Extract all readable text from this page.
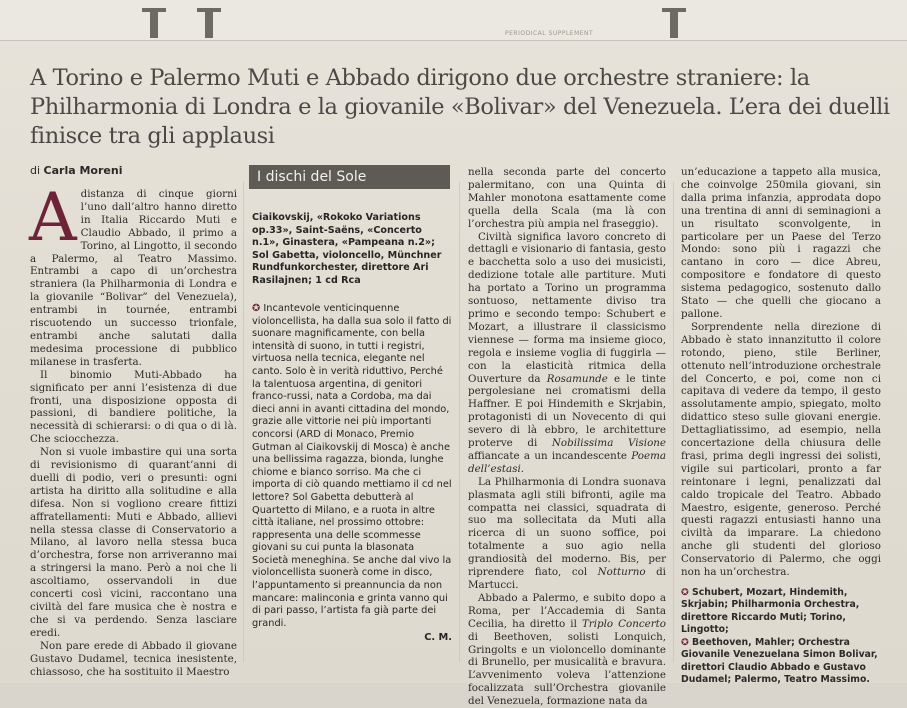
PERIODICAL SUPPLEMENT
A Torino e Palermo Muti e Abbado dirigono due orchestre straniere: la Philharmonia di Londra e la giovanile «Bolivar» del Venezuela. L’era dei duelli finisce tra gli applausi
di Carla Moreni

Adistanza di cinque giorni l’uno dall’altro hanno diretto in Italia Riccardo Muti e Claudio Abbado, il primo a Torino, al Lingotto, il secondo a Palermo, al Teatro Massimo. Entrambi a capo di un’orchestra straniera (la Philharmonia di Londra e la giovanile “Bolivar” del Venezuela), entrambi in tournée, entrambi riscuotendo un successo trionfale, entrambi anche salutati dalla medesima processione di pubblico milanese in trasferta.

Il binomio Muti-Abbado ha significato per anni l’esistenza di due fronti, una disposizione opposta di passioni, di bandiere politiche, la necessità di schierarsi: o di qua o di là. Che sciocchezza.

Non si vuole imbastire qui una sorta di revisionismo di quarant’anni di duelli di podio, veri o presunti: ogni artista ha diritto alla solitudine e alla difesa. Non si vogliono creare fittizi affratellamenti: Muti e Abbado, allievi nella stessa classe di Conservatorio a Milano, al lavoro nella stessa buca d’orchestra, forse non arriveranno mai a stringersi la mano. Però a noi che li ascoltiamo, osservandoli in due concerti così vicini, raccontano una civiltà del fare musica che è nostra e che si va perdendo. Senza lasciare eredi.

Non pare erede di Abbado il giovane Gustavo Dudamel, tecnica inesistente, chiassoso, che ha sostituito il Maestro

I dischi del Sole
Ciaikovskij, «Rokoko Variations op.33», Saint-Saëns, «Concerto n.1», Ginastera, «Pampeana n.2»; Sol Gabetta, violoncello, Münchner Rundfunkorchester, direttore Ari Rasilajnen; 1 cd Rca
✪ Incantevole venticinquenne violoncellista, ha dalla sua solo il fatto di suonare magnificamente, con bella intensità di suono, in tutti i registri, virtuosa nella tecnica, elegante nel canto. Solo è in verità riduttivo, Perché la talentuosa argentina, di genitori franco-russi, nata a Cordoba, ma dai dieci anni in avanti cittadina del mondo, grazie alle vittorie nei più importanti concorsi (ARD di Monaco, Premio Gutman al Ciaikovskij di Mosca) è anche una bellissima ragazza, bionda, lunghe chiome e bianco sorriso. Ma che ci importa di ciò quando mettiamo il cd nel lettore? Sol Gabetta debutterà al Quartetto di Milano, e a ruota in altre città italiane, nel prossimo ottobre: rappresenta una delle scommesse giovani su cui punta la blasonata Società meneghina. Se anche dal vivo la violoncellista suonerà come in disco, l’appuntamento si preannuncia da non mancare: malinconia e grinta vanno qui di pari passo, l’artista fa già parte dei grandi.
C. M.

nella seconda parte del concerto palermitano, con una Quinta di Mahler monotona esattamente come quella della Scala (ma là con l’orchestra più ampia nel fraseggio).

Civiltà significa lavoro concreto di dettagli e visionario di fantasia, gesto e bacchetta solo a uso dei musicisti, dedizione totale alle partiture. Muti ha portato a Torino un programma sontuoso, nettamente diviso tra primo e secondo tempo: Schubert e Mozart, a illustrare il classicismo viennese — forma ma insieme gioco, regola e insieme voglia di fuggirla — con la elasticità ritmica della Ouverture da Rosamunde e le tinte pergolesiane nei cromatismi della Haffner. E poi Hindemith e Skrjabin, protagonisti di un Novecento di qui severo di là ebbro, le architetture proterve di Nobilissima Visione affiancate a un incandescente Poema dell’estasi.

La Philharmonia di Londra suonava plasmata agli stili bifronti, agile ma compatta nei classici, squadrata di suo ma sollecitata da Muti alla ricerca di un suono soffice, poi totalmente a suo agio nella grandiosità del moderno. Bis, per riprendere fiato, col Notturno di Martucci.

Abbado a Palermo, e subito dopo a Roma, per l’Accademia di Santa Cecilia, ha diretto il Triplo Concerto di Beethoven, solisti Lonquich, Gringolts e un violoncello dominante di Brunello, per musicalità e bravura. L’avvenimento voleva l’attenzione focalizzata sull’Orchestra giovanile del Venezuela, formazione nata da

un’educazione a tappeto alla musica, che coinvolge 250mila giovani, sin dalla prima infanzia, approdata dopo una trentina di anni di seminagioni a un risultato sconvolgente, in particolare per un Paese del Terzo Mondo: sono più i ragazzi che cantano in coro — dice Abreu, compositore e fondatore di questo sistema pedagogico, sostenuto dallo Stato — che quelli che giocano a pallone.

Sorprendente nella direzione di Abbado è stato innanzitutto il colore rotondo, pieno, stile Berliner, ottenuto nell’introduzione orchestrale del Concerto, e poi, come non ci capitava di vedere da tempo, il gesto assolutamente ampio, spiegato, molto didattico steso sulle giovani energie. Dettagliatissimo, ad esempio, nella concertazione della chiusura delle frasi, prima degli ingressi dei solisti, vigile sui particolari, pronto a far reintonare i legni, penalizzati dal caldo tropicale del Teatro. Abbado Maestro, esigente, generoso. Perché questi ragazzi entusiasti hanno una civiltà da imparare. La chiedono anche gli studenti del glorioso Conservatorio di Palermo, che oggi non ha un’orchestra.

✪ Schubert, Mozart, Hindemith, Skrjabin; Philharmonia Orchestra, direttore Riccardo Muti; Torino, Lingotto;

✪ Beethoven, Mahler; Orchestra Giovanile Venezuelana Simon Bolivar, direttori Claudio Abbado e Gustavo Dudamel; Palermo, Teatro Massimo.
